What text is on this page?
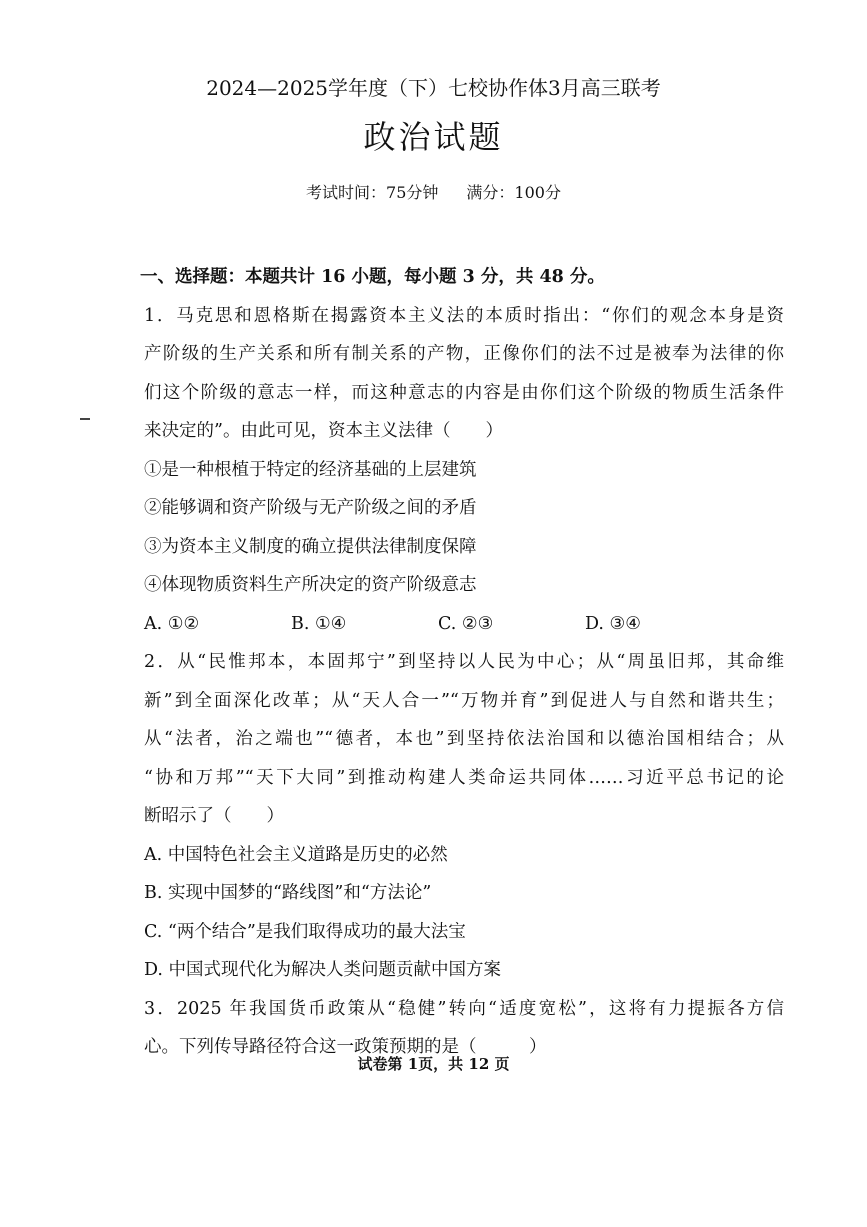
2024—2025学年度（下）七校协作体3月高三联考
政治试题
考试时间：75分钟 满分：100分
一、选择题：本题共计 16 小题，每小题 3 分，共 48 分。
1．马克思和恩格斯在揭露资本主义法的本质时指出：“你们的观念本身是资
产阶级的生产关系和所有制关系的产物，正像你们的法不过是被奉为法律的你
们这个阶级的意志一样，而这种意志的内容是由你们这个阶级的物质生活条件
来决定的”。由此可见，资本主义法律（　　）
①是一种根植于特定的经济基础的上层建筑
②能够调和资产阶级与无产阶级之间的矛盾
③为资本主义制度的确立提供法律制度保障
④体现物质资料生产所决定的资产阶级意志
A. ①②	B. ①④	C. ②③	D. ③④
2．从“民惟邦本，本固邦宁”到坚持以人民为中心；从“周虽旧邦，其命维
新”到全面深化改革；从“天人合一”“万物并育”到促进人与自然和谐共生；
从“法者，治之端也”“德者，本也”到坚持依法治国和以德治国相结合；从
“协和万邦”“天下大同”到推动构建人类命运共同体……习近平总书记的论
断昭示了（　　）
A. 中国特色社会主义道路是历史的必然
B. 实现中国梦的“路线图”和“方法论”
C. “两个结合”是我们取得成功的最大法宝
D. 中国式现代化为解决人类问题贡献中国方案
3．2025 年我国货币政策从“稳健”转向“适度宽松”，这将有力提振各方信
心。下列传导路径符合这一政策预期的是（　　　）
试卷第 1页，共 12 页
